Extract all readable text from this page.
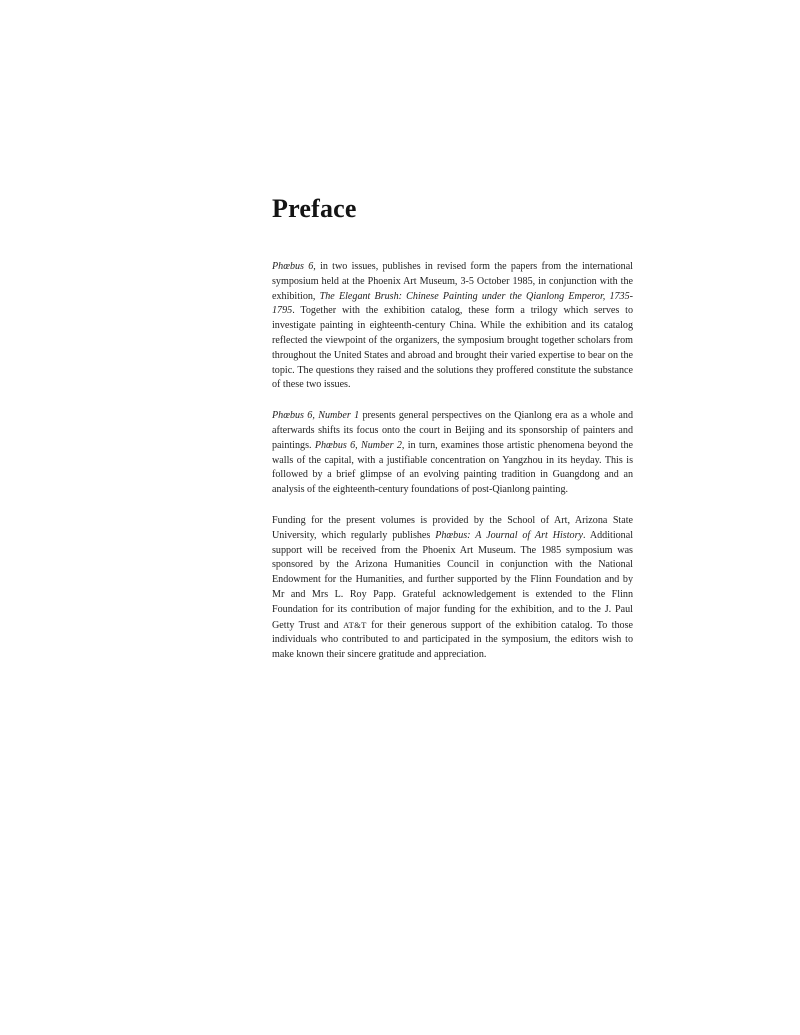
Preface

Phœbus 6, in two issues, publishes in revised form the papers from the international symposium held at the Phoenix Art Museum, 3-5 October 1985, in conjunction with the exhibition, The Elegant Brush: Chinese Painting under the Qianlong Emperor, 1735-1795. Together with the exhibition catalog, these form a trilogy which serves to investigate painting in eighteenth-century China. While the exhibition and its catalog reflected the viewpoint of the organizers, the symposium brought together scholars from throughout the United States and abroad and brought their varied expertise to bear on the topic. The questions they raised and the solutions they proffered constitute the substance of these two issues.

Phœbus 6, Number 1 presents general perspectives on the Qianlong era as a whole and afterwards shifts its focus onto the court in Beijing and its sponsorship of painters and paintings. Phœbus 6, Number 2, in turn, examines those artistic phenomena beyond the walls of the capital, with a justifiable concentration on Yangzhou in its heyday. This is followed by a brief glimpse of an evolving painting tradition in Guangdong and an analysis of the eighteenth-century foundations of post-Qianlong painting.

Funding for the present volumes is provided by the School of Art, Arizona State University, which regularly publishes Phœbus: A Journal of Art History. Additional support will be received from the Phoenix Art Museum. The 1985 symposium was sponsored by the Arizona Humanities Council in conjunction with the National Endowment for the Humanities, and further supported by the Flinn Foundation and by Mr and Mrs L. Roy Papp. Grateful acknowledgement is extended to the Flinn Foundation for its contribution of major funding for the exhibition, and to the J. Paul Getty Trust and AT&T for their generous support of the exhibition catalog. To those individuals who contributed to and participated in the symposium, the editors wish to make known their sincere gratitude and appreciation.
